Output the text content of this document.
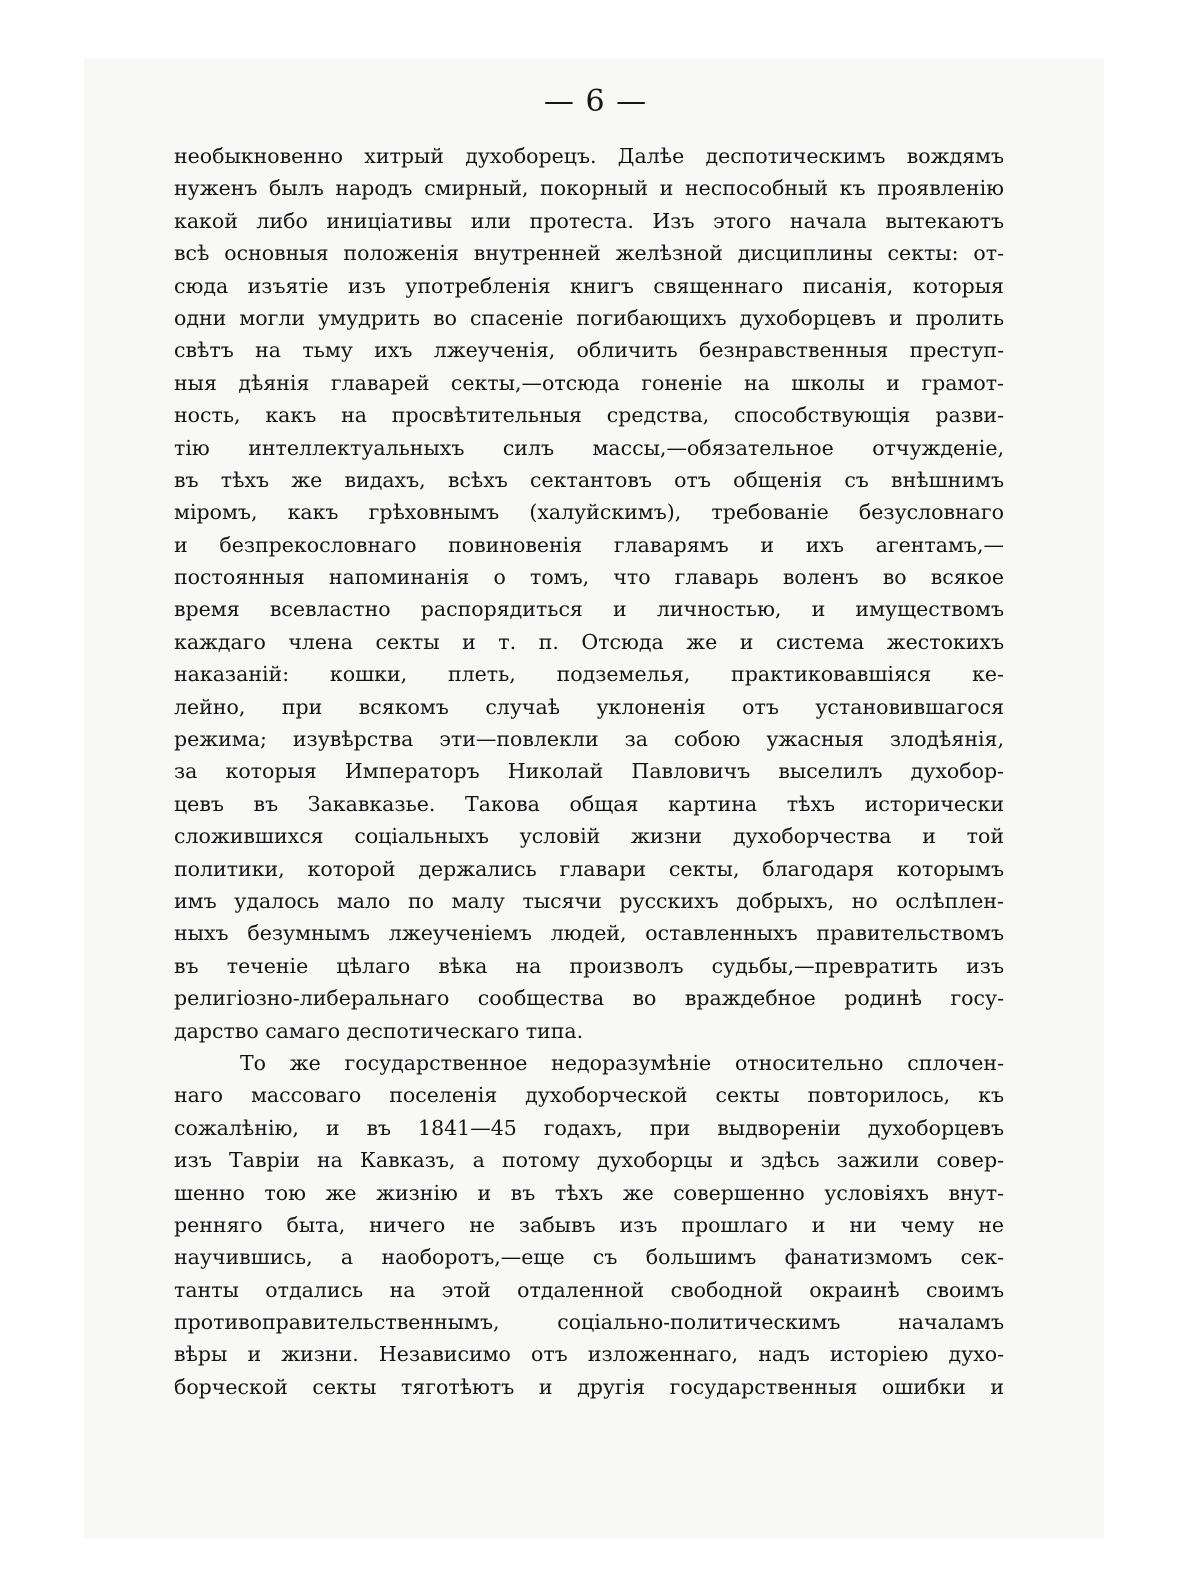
— 6 —
необыкновенно хитрый духоборецъ. Далѣе деспотическимъ вождямъ
нуженъ былъ народъ смирный, покорный и неспособный къ проявленію
какой либо иниціативы или протеста. Изъ этого начала вытекаютъ
всѣ основныя положенія внутренней желѣзной дисциплины секты: от-
сюда изъятіе изъ употребленія книгъ священнаго писанія, которыя
одни могли умудрить во спасеніе погибающихъ духоборцевъ и пролить
свѣтъ на тьму ихъ лжеученія, обличить безнравственныя преступ-
ныя дѣянія главарей секты,—отсюда гоненіе на школы и грамот-
ность, какъ на просвѣтительныя средства, способствующія разви-
тію интеллектуальныхъ силъ массы,—обязательное отчужденіе,
въ тѣхъ же видахъ, всѣхъ сектантовъ отъ общенія съ внѣшнимъ
міромъ, какъ грѣховнымъ (халуйскимъ), требованіе безусловнаго
и безпрекословнаго повиновенія главарямъ и ихъ агентамъ,—
постоянныя напоминанія о томъ, что главарь воленъ во всякое
время всевластно распорядиться и личностью, и имуществомъ
каждаго члена секты и т. п. Отсюда же и система жестокихъ
наказаній: кошки, плеть, подземелья, практиковавшіяся ке-
лейно, при всякомъ случаѣ уклоненія отъ установившагося
режима; изувѣрства эти—повлекли за собою ужасныя злодѣянія,
за которыя Императоръ Николай Павловичъ выселилъ духобор-
цевъ въ Закавказье. Такова общая картина тѣхъ исторически
сложившихся соціальныхъ условій жизни духоборчества и той
политики, которой держались главари секты, благодаря которымъ
имъ удалось мало по малу тысячи русскихъ добрыхъ, но ослѣплен-
ныхъ безумнымъ лжеученіемъ людей, оставленныхъ правительствомъ
въ теченіе цѣлаго вѣка на произволъ судьбы,—превратить изъ
религіозно-либеральнаго сообщества во враждебное родинѣ госу-
дарство самаго деспотическаго типа.
То же государственное недоразумѣніе относительно сплочен-
наго массоваго поселенія духоборческой секты повторилось, къ
сожалѣнію, и въ 1841—45 годахъ, при выдвореніи духоборцевъ
изъ Тавріи на Кавказъ, а потому духоборцы и здѣсь зажили совер-
шенно тою же жизнію и въ тѣхъ же совершенно условіяхъ внут-
ренняго быта, ничего не забывъ изъ прошлаго и ни чему не
научившись, а наоборотъ,—еще съ большимъ фанатизмомъ сек-
танты отдались на этой отдаленной свободной окраинѣ своимъ
противоправительственнымъ, соціально-политическимъ началамъ
вѣры и жизни. Независимо отъ изложеннаго, надъ исторіею духо-
борческой секты тяготѣютъ и другія государственныя ошибки и
